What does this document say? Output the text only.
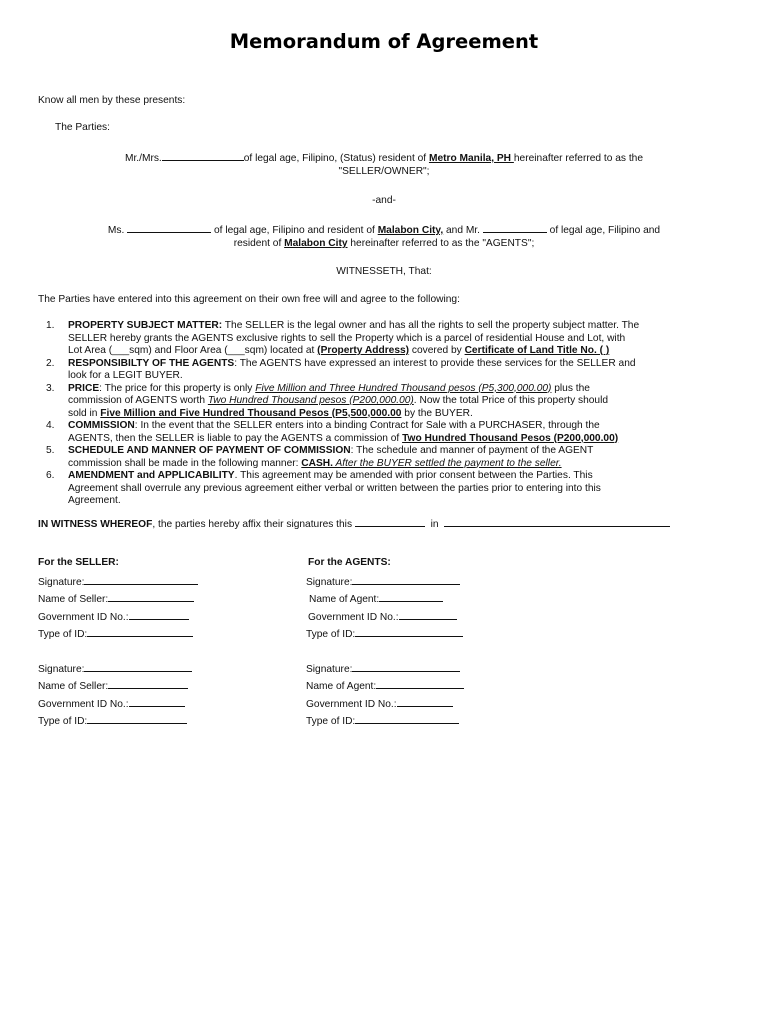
Memorandum of Agreement
Know all men by these presents:
The Parties:
Mr./Mrs.	of legal age, Filipino, (Status) resident of Metro Manila, PH hereinafter referred to as the
"SELLER/OWNER";
-and-
Ms.	of legal age, Filipino and resident of Malabon City, and Mr.	of legal age, Filipino and
resident of Malabon City hereinafter referred to as the "AGENTS";
WITNESSETH, That:
The Parties have entered into this agreement on their own free will and agree to the following:
1. PROPERTY SUBJECT MATTER: The SELLER is the legal owner and has all the rights to sell the property subject matter. The
SELLER hereby grants the AGENTS exclusive rights to sell the Property which is a parcel of residential House and Lot, with
Lot Area (___sqm) and Floor Area (___sqm) located at (Property Address) covered by Certificate of Land Title No. ( )
2. RESPONSIBILTY OF THE AGENTS: The AGENTS have expressed an interest to provide these services for the SELLER and
look for a LEGIT BUYER.
3. PRICE: The price for this property is only Five Million and Three Hundred Thousand pesos (P5,300,000.00) plus the
commission of AGENTS worth Two Hundred Thousand pesos (P200,000.00). Now the total Price of this property should
sold in Five Million and Five Hundred Thousand Pesos (P5,500,000.00 by the BUYER.
4. COMMISSION: In the event that the SELLER enters into a binding Contract for Sale with a PURCHASER, through the
AGENTS, then the SELLER is liable to pay the AGENTS a commission of Two Hundred Thousand Pesos (P200,000.00)
5. SCHEDULE AND MANNER OF PAYMENT OF COMMISSION: The schedule and manner of payment of the AGENT
commission shall be made in the following manner: CASH. After the BUYER settled the payment to the seller.
6. AMENDMENT and APPLICABILITY. This agreement may be amended with prior consent between the Parties. This
Agreement shall overrule any previous agreement either verbal or written between the parties prior to entering into this
Agreement.
IN WITNESS WHEREOF, the parties hereby affix their signatures this	in
For the SELLER:
Signature:
Name of Seller:
Government ID No.:
Type of ID:
Signature:
Name of Seller:
Government ID No.:
Type of ID:
For the AGENTS:
Signature:
Name of Agent:
Government ID No.:
Type of ID:
Signature:
Name of Agent:
Government ID No.:
Type of ID:
